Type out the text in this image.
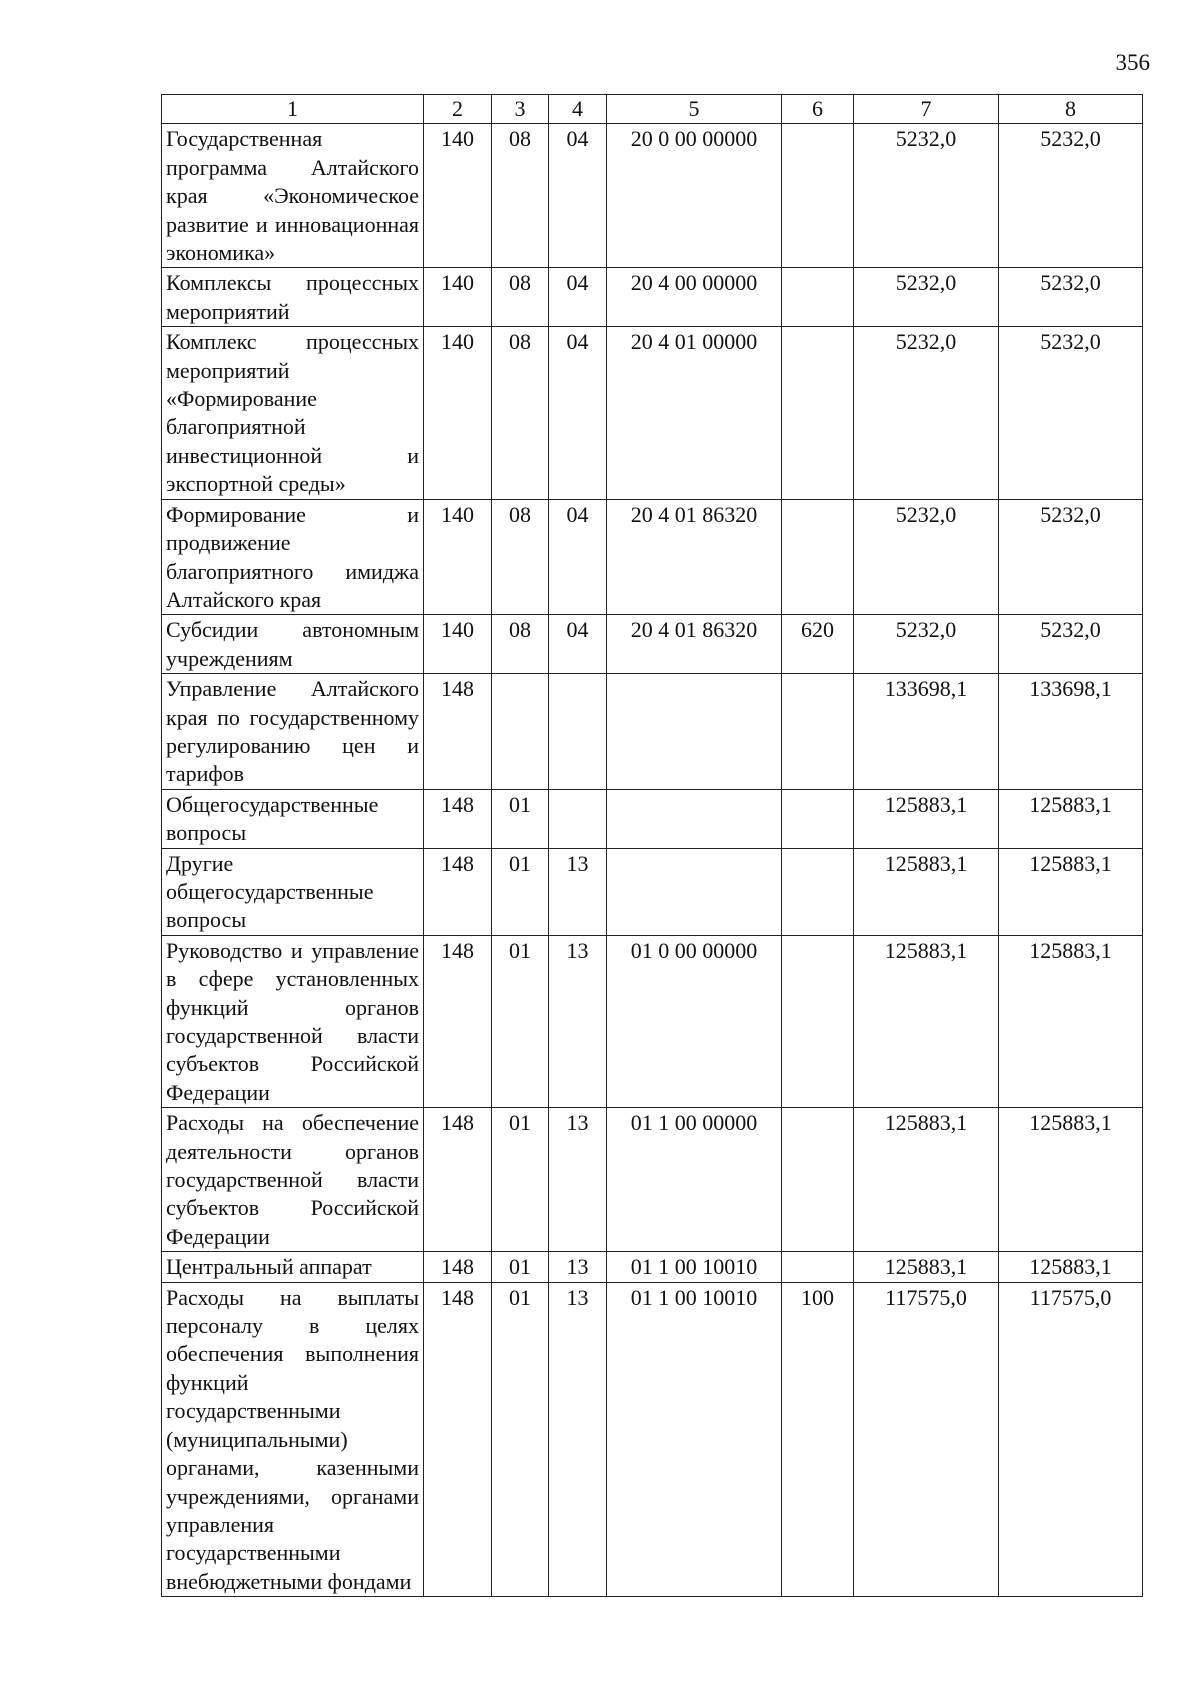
356
1	2	3	4	5	6	7	8
Государственная программа Алтайского края «Экономическое развитие и инновационная экономика»	140	08	04	20 0 00 00000		5232,0	5232,0
Комплексы процессных мероприятий	140	08	04	20 4 00 00000		5232,0	5232,0
Комплекс процессных мероприятий «Формирование благоприятной инвестиционной и экспортной среды»	140	08	04	20 4 01 00000		5232,0	5232,0
Формирование и продвижение благоприятного имиджа Алтайского края	140	08	04	20 4 01 86320		5232,0	5232,0
Субсидии автономным учреждениям	140	08	04	20 4 01 86320	620	5232,0	5232,0
Управление Алтайского края по государственному регулированию цен и тарифов	148					133698,1	133698,1
Общегосударственные вопросы	148	01				125883,1	125883,1
Другие общегосударственные вопросы	148	01	13			125883,1	125883,1
Руководство и управление в сфере установленных функций органов государственной власти субъектов Российской Федерации	148	01	13	01 0 00 00000		125883,1	125883,1
Расходы на обеспечение деятельности органов государственной власти субъектов Российской Федерации	148	01	13	01 1 00 00000		125883,1	125883,1
Центральный аппарат	148	01	13	01 1 00 10010		125883,1	125883,1
Расходы на выплаты персоналу в целях обеспечения выполнения функций государственными (муниципальными) органами, казенными учреждениями, органами управления государственными внебюджетными фондами	148	01	13	01 1 00 10010	100	117575,0	117575,0
